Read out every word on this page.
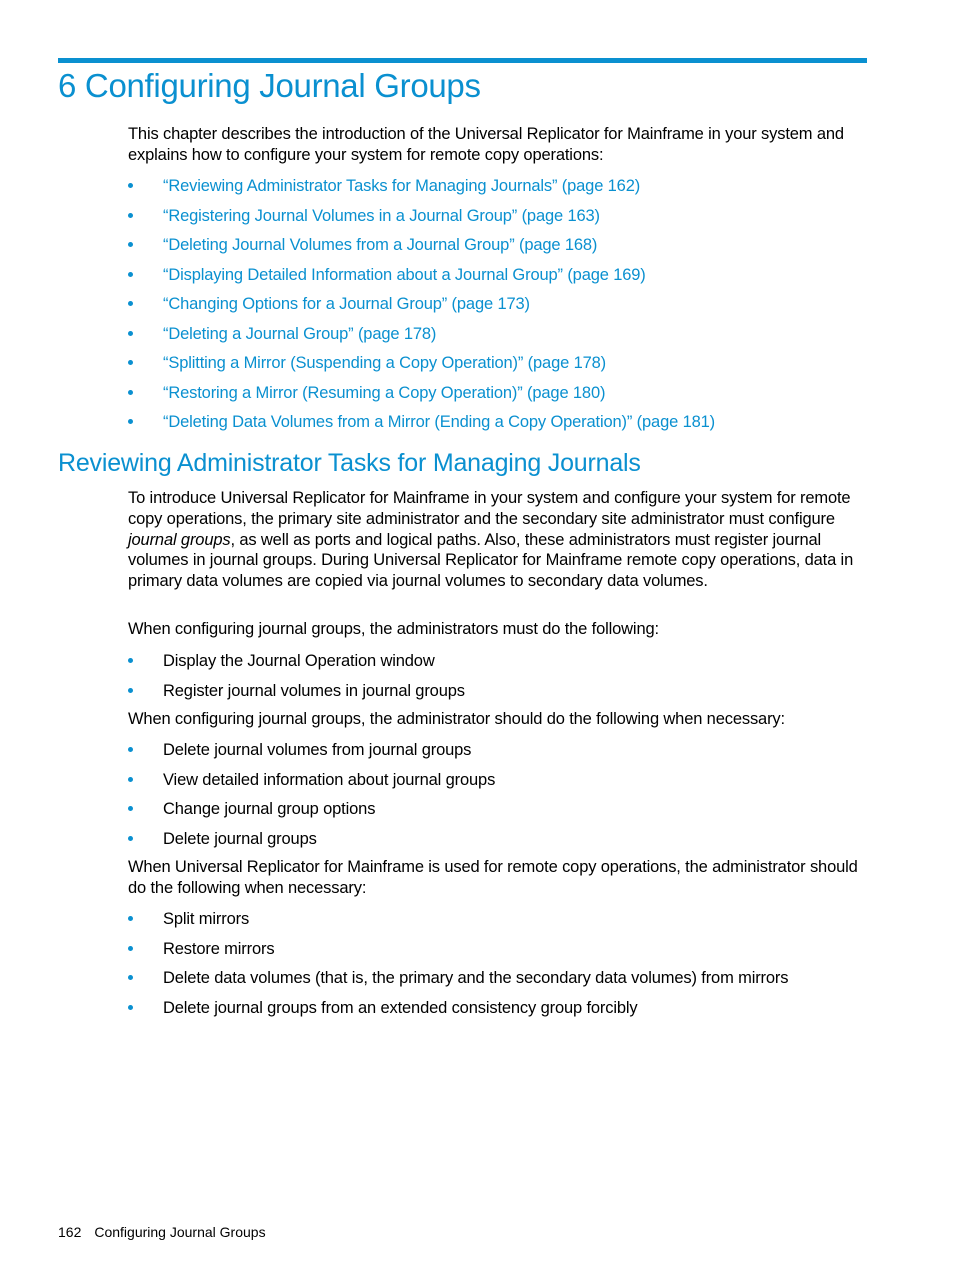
6 Configuring Journal Groups

This chapter describes the introduction of the Universal Replicator for Mainframe in your system and explains how to configure your system for remote copy operations:

“Reviewing Administrator Tasks for Managing Journals” (page 162)
“Registering Journal Volumes in a Journal Group” (page 163)
“Deleting Journal Volumes from a Journal Group” (page 168)
“Displaying Detailed Information about a Journal Group” (page 169)
“Changing Options for a Journal Group” (page 173)
“Deleting a Journal Group” (page 178)
“Splitting a Mirror (Suspending a Copy Operation)” (page 178)
“Restoring a Mirror (Resuming a Copy Operation)” (page 180)
“Deleting Data Volumes from a Mirror (Ending a Copy Operation)” (page 181)
Reviewing Administrator Tasks for Managing Journals

To introduce Universal Replicator for Mainframe in your system and configure your system for remote copy operations, the primary site administrator and the secondary site administrator must configure journal groups, as well as ports and logical paths. Also, these administrators must register journal volumes in journal groups. During Universal Replicator for Mainframe remote copy operations, data in primary data volumes are copied via journal volumes to secondary data volumes.

When configuring journal groups, the administrators must do the following:

Display the Journal Operation window
Register journal volumes in journal groups

When configuring journal groups, the administrator should do the following when necessary:

Delete journal volumes from journal groups
View detailed information about journal groups
Change journal group options
Delete journal groups

When Universal Replicator for Mainframe is used for remote copy operations, the administrator should do the following when necessary:

Split mirrors
Restore mirrors
Delete data volumes (that is, the primary and the secondary data volumes) from mirrors
Delete journal groups from an extended consistency group forcibly
162 Configuring Journal Groups
